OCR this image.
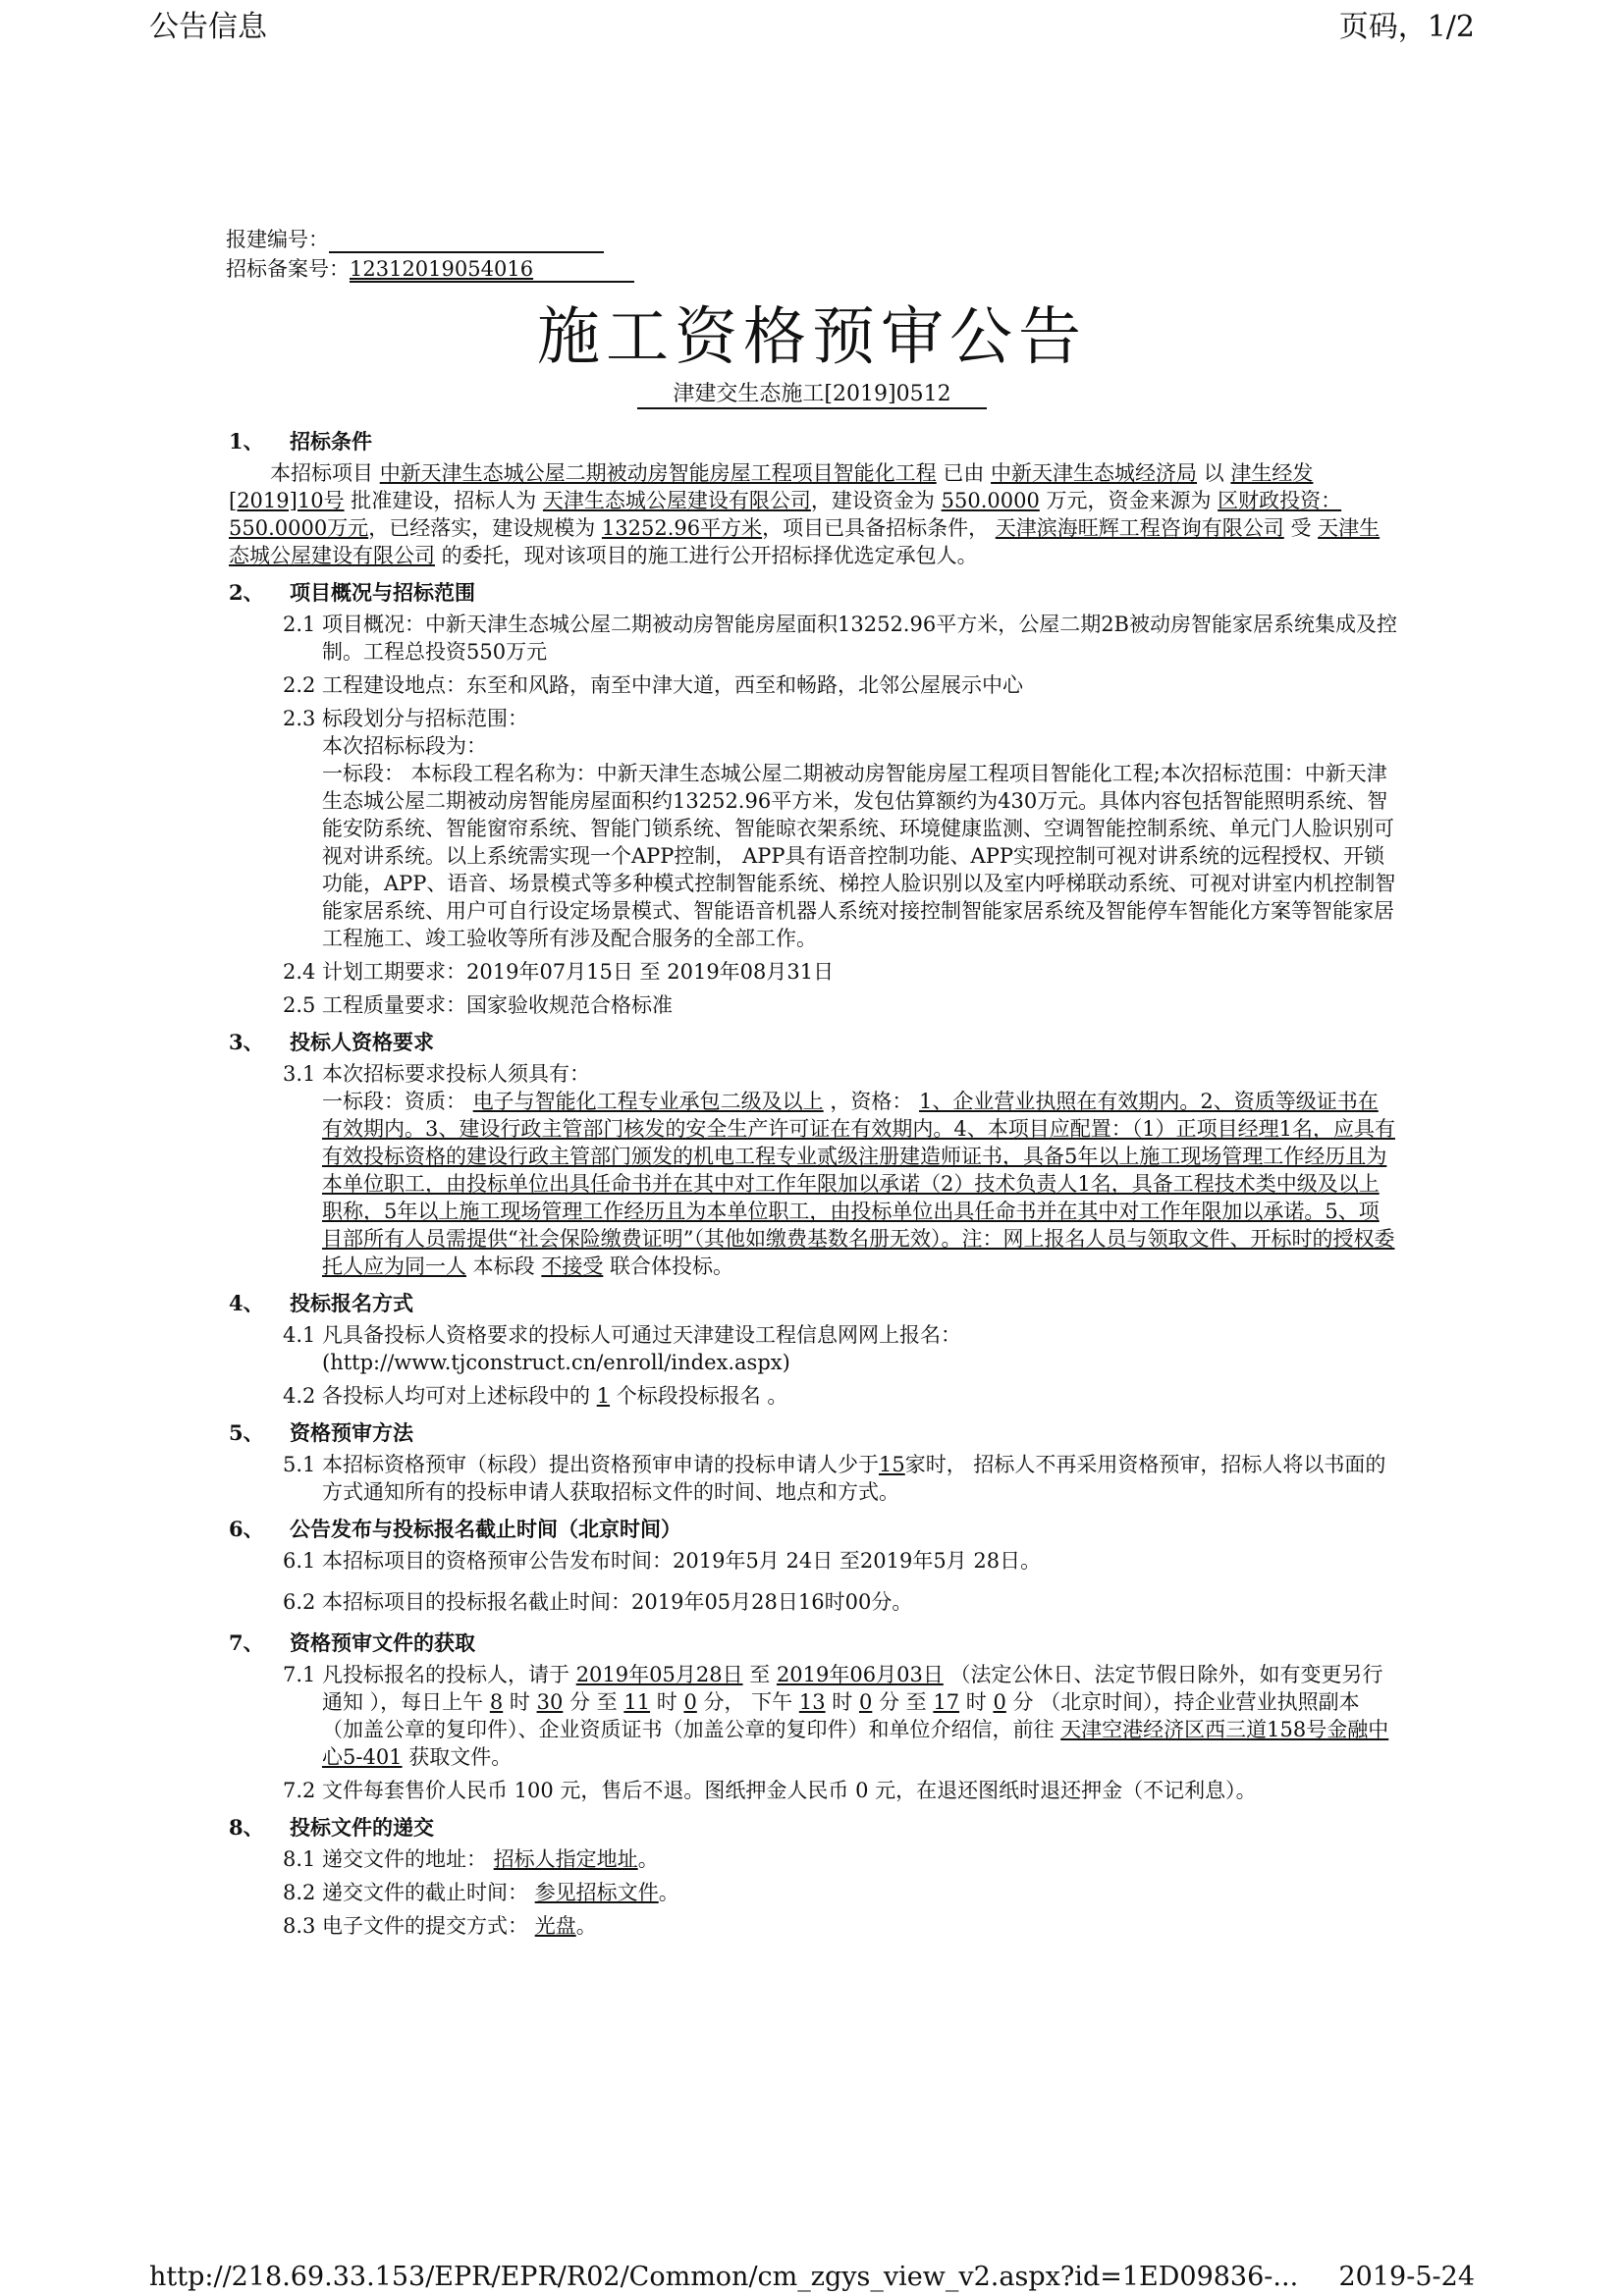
公告信息	页码，1/2
报建编号：
招标备案号：12312019054016
施工资格预审公告
津建交生态施工[2019]0512
1、 招标条件
本招标项目 中新天津生态城公屋二期被动房智能房屋工程项目智能化工程 已由 中新天津生态城经济局 以 津生经发[2019]10号 批准建设，招标人为 天津生态城公屋建设有限公司，建设资金为 550.0000 万元，资金来源为 区财政投资：550.0000万元，已经落实，建设规模为 13252.96平方米，项目已具备招标条件， 天津滨海旺辉工程咨询有限公司 受 天津生态城公屋建设有限公司 的委托，现对该项目的施工进行公开招标择优选定承包人。
2、 项目概况与招标范围
2.1 项目概况：中新天津生态城公屋二期被动房智能房屋面积13252.96平方米，公屋二期2B被动房智能家居系统集成及控制。工程总投资550万元
2.2 工程建设地点：东至和风路，南至中津大道，西至和畅路，北邻公屋展示中心
2.3 标段划分与招标范围：
本次招标标段为：
一标段： 本标段工程名称为：中新天津生态城公屋二期被动房智能房屋工程项目智能化工程;本次招标范围：中新天津生态城公屋二期被动房智能房屋面积约13252.96平方米，发包估算额约为430万元。具体内容包括智能照明系统、智能安防系统、智能窗帘系统、智能门锁系统、智能晾衣架系统、环境健康监测、空调智能控制系统、单元门人脸识别可视对讲系统。以上系统需实现一个APP控制， APP具有语音控制功能、APP实现控制可视对讲系统的远程授权、开锁功能，APP、语音、场景模式等多种模式控制智能系统、梯控人脸识别以及室内呼梯联动系统、可视对讲室内机控制智能家居系统、用户可自行设定场景模式、智能语音机器人系统对接控制智能家居系统及智能停车智能化方案等智能家居工程施工、竣工验收等所有涉及配合服务的全部工作。
2.4 计划工期要求：2019年07月15日 至 2019年08月31日
2.5 工程质量要求：国家验收规范合格标准
3、 投标人资格要求
3.1 本次招标要求投标人须具有：
一标段：资质： 电子与智能化工程专业承包二级及以上 ，资格： 1、企业营业执照在有效期内。2、资质等级证书在有效期内。3、建设行政主管部门核发的安全生产许可证在有效期内。4、本项目应配置：（1）正项目经理1名，应具有有效投标资格的建设行政主管部门颁发的机电工程专业贰级注册建造师证书，具备5年以上施工现场管理工作经历且为本单位职工，由投标单位出具任命书并在其中对工作年限加以承诺（2）技术负责人1名，具备工程技术类中级及以上职称，5年以上施工现场管理工作经历且为本单位职工，由投标单位出具任命书并在其中对工作年限加以承诺。5、项目部所有人员需提供“社会保险缴费证明”（其他如缴费基数名册无效）。注：网上报名人员与领取文件、开标时的授权委托人应为同一人 本标段 不接受 联合体投标。
4、 投标报名方式
4.1 凡具备投标人资格要求的投标人可通过天津建设工程信息网网上报名：
(http://www.tjconstruct.cn/enroll/index.aspx)
4.2 各投标人均可对上述标段中的 1 个标段投标报名 。
5、 资格预审方法
5.1 本招标资格预审（标段）提出资格预审申请的投标申请人少于15家时， 招标人不再采用资格预审，招标人将以书面的方式通知所有的投标申请人获取招标文件的时间、地点和方式。
6、 公告发布与投标报名截止时间（北京时间）
6.1 本招标项目的资格预审公告发布时间：2019年5月 24日 至2019年5月 28日。
6.2 本招标项目的投标报名截止时间：2019年05月28日16时00分。
7、 资格预审文件的获取
7.1 凡投标报名的投标人，请于 2019年05月28日 至 2019年06月03日 （法定公休日、法定节假日除外，如有变更另行通知 ），每日上午 8 时 30 分 至 11 时 0 分， 下午 13 时 0 分 至 17 时 0 分 （北京时间），持企业营业执照副本（加盖公章的复印件）、企业资质证书（加盖公章的复印件）和单位介绍信，前往 天津空港经济区西三道158号金融中心5-401 获取文件。
7.2 文件每套售价人民币 100 元，售后不退。图纸押金人民币 0 元，在退还图纸时退还押金（不记利息）。
8、 投标文件的递交
8.1 递交文件的地址： 招标人指定地址。
8.2 递交文件的截止时间： 参见招标文件。
8.3 电子文件的提交方式： 光盘。
http://218.69.33.153/EPR/EPR/R02/Common/cm_zgys_view_v2.aspx?id=1ED09836-... 2019-5-24
